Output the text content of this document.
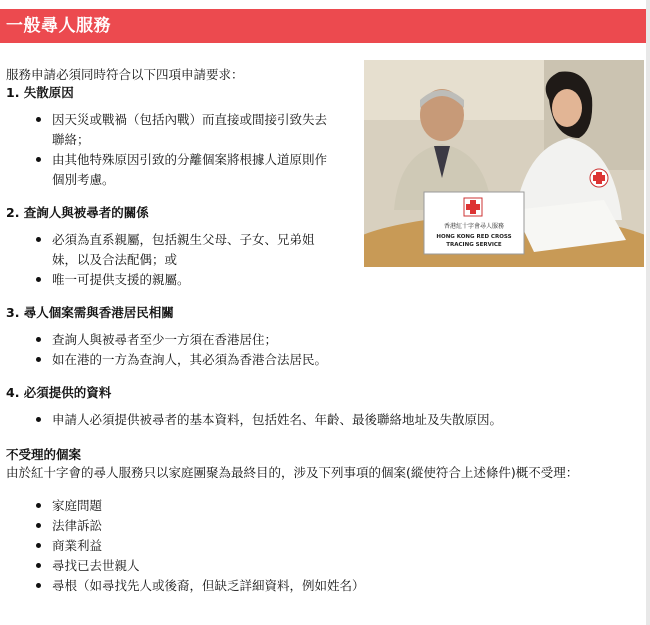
一般尋人服務
香港紅十字會尋人服務
HONG KONG RED CROSS
TRACING SERVICE

服務申請必須同時符合以下四項申請要求：

1. 失散原因

因天災或戰禍（包括內戰）而直接或間接引致失去聯絡；
由其他特殊原因引致的分離個案將根據人道原則作個別考慮。

2. 查詢人與被尋者的關係

必須為直系親屬，包括親生父母、子女、兄弟姐妹，以及合法配偶；或
唯一可提供支援的親屬。

3. 尋人個案需與香港居民相關

查詢人與被尋者至少一方須在香港居住；
如在港的一方為查詢人，其必須為香港合法居民。

4. 必須提供的資料

申請人必須提供被尋者的基本資料，包括姓名、年齡、最後聯絡地址及失散原因。

不受理的個案

由於紅十字會的尋人服務只以家庭團聚為最終目的，涉及下列事項的個案(縱使符合上述條件)概不受理：

家庭問題
法律訴訟
商業利益
尋找已去世親人
尋根（如尋找先人或後裔，但缺乏詳細資料，例如姓名）
